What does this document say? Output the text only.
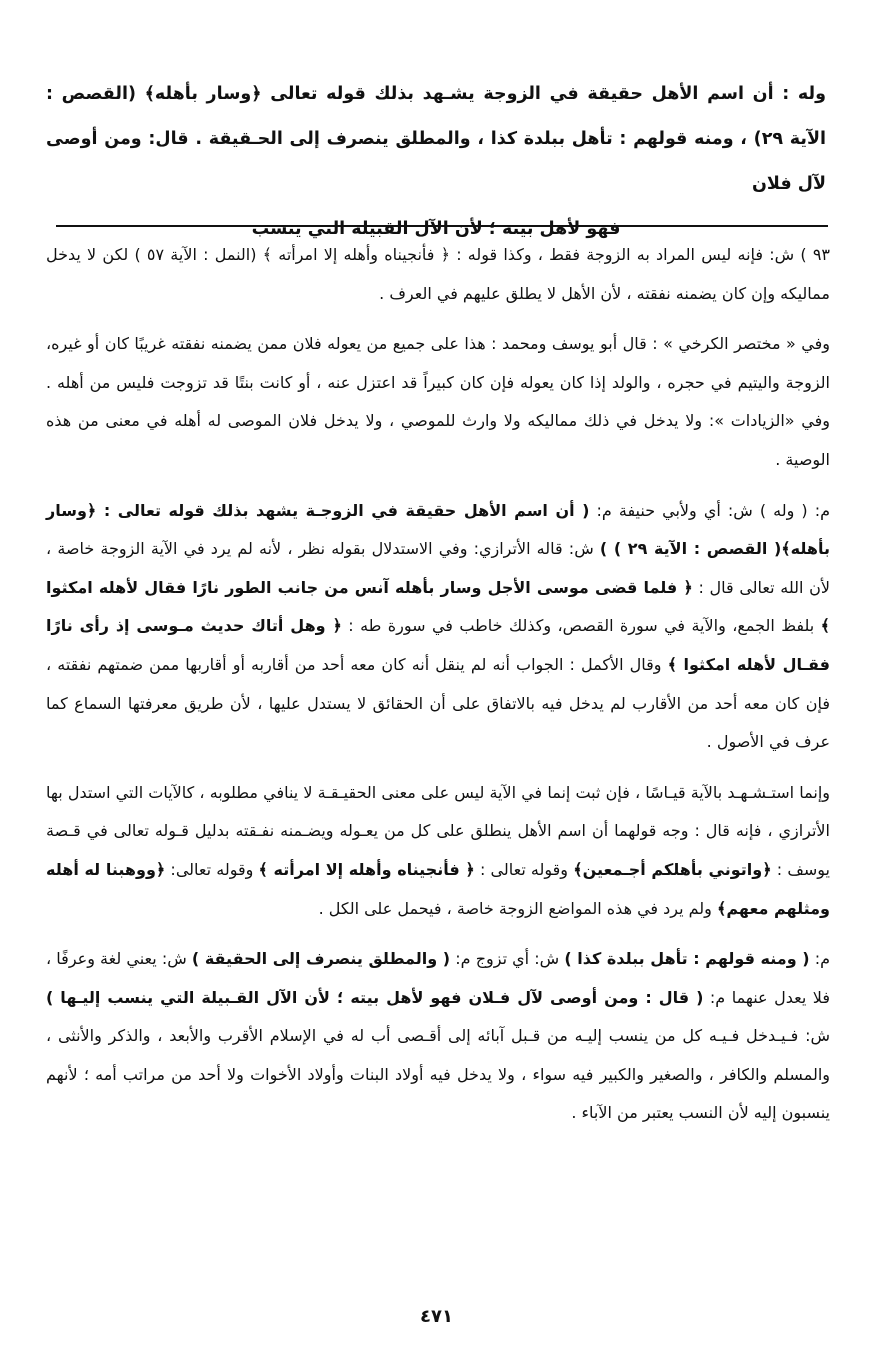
وله : أن اسم الأهل حقيقة في الزوجة يشـهد بذلك قوله تعالى ﴿وسار بأهله﴾ (القصص : الآية ٢٩) ، ومنه قولهم : تأهل ببلدة كذا ، والمطلق ينصرف إلى الحـقيقة . قال: ومن أوصى لآل فلان

فهو لأهل بيته ؛ لأن الآل القبيلة التي ينسب

٩٣ ) ش: فإنه ليس المراد به الزوجة فقط ، وكذا قوله : ﴿ فأنجيناه وأهله إلا امرأته ﴾ (النمل : الآية ٥٧ ) لكن لا يدخل مماليكه وإن كان يضمنه نفقته ، لأن الأهل لا يطلق عليهم في العرف .

وفي « مختصر الكرخي » : قال أبو يوسف ومحمد : هذا على جميع من يعوله فلان ممن يضمنه نفقته غريبًا كان أو غيره، الزوجة واليتيم في حجره ، والولد إذا كان يعوله فإن كان كبيراً قد اعتزل عنه ، أو كانت بنتًا قد تزوجت فليس من أهله . وفي «الزيادات »: ولا يدخل في ذلك مماليكه ولا وارث للموصي ، ولا يدخل فلان الموصى له أهله في معنى من هذه الوصية .

م: ( وله ) ش: أي ولأبي حنيفة م: ( أن اسم الأهل حقيقة في الزوجـة يشهد بذلك قوله تعالى : ﴿وسار بأهله﴾( القصص : الآية ٢٩ ) ) ش: قاله الأترازي: وفي الاستدلال بقوله نظر ، لأنه لم يرد في الآية الزوجة خاصة ، لأن الله تعالى قال : ﴿ فلما قضى موسى الأجل وسار بأهله آنس من جانب الطور نارًا فقال لأهله امكثوا ﴾ بلفظ الجمع، والآية في سورة القصص، وكذلك خاطب في سورة طه : ﴿ وهل أتاك حديث مـوسى إذ رأى نارًا فقـال لأهله امكثوا ﴾ وقال الأكمل : الجواب أنه لم ينقل أنه كان معه أحد من أقاربه أو أقاربها ممن ضمتهم نفقته ، فإن كان معه أحد من الأقارب لم يدخل فيه بالاتفاق على أن الحقائق لا يستدل عليها ، لأن طريق معرفتها السماع كما عرف في الأصول .

وإنما استـشـهـد بالآية قيـاسًا ، فإن ثبت إنما في الآية ليس على معنى الحقيـقـة لا ينافي مطلوبه ، كالآيات التي استدل بها الأترازي ، فإنه قال : وجه قولهما أن اسم الأهل ينطلق على كل من يعـوله ويضـمنه نفـقته بدليل قـوله تعالى في قـصة يوسف : ﴿واتوني بأهلكم أجـمعين﴾ وقوله تعالى : ﴿ فأنجيناه وأهله إلا امرأته ﴾ وقوله تعالى: ﴿ووهبنا له أهله ومثلهم معهم﴾ ولم يرد في هذه المواضع الزوجة خاصة ، فيحمل على الكل .

م: ( ومنه قولهم : تأهل ببلدة كذا ) ش: أي تزوج م: ( والمطلق ينصرف إلى الحقيقة ) ش: يعني لغة وعرفًا ، فلا يعدل عنهما م: ( قال : ومن أوصى لآل فـلان فهو لأهل بيته ؛ لأن الآل القـبيلة التي ينسب إليـها ) ش: فـيـدخل فـيـه كل من ينسب إليـه من قـبل آبائه إلى أقـصى أب له في الإسلام الأقرب والأبعد ، والذكر والأنثى ، والمسلم والكافر ، والصغير والكبير فيه سواء ، ولا يدخل فيه أولاد البنات وأولاد الأخوات ولا أحد من مراتب أمه ؛ لأنهم ينسبون إليه لأن النسب يعتبر من الآباء .

٤٧١
